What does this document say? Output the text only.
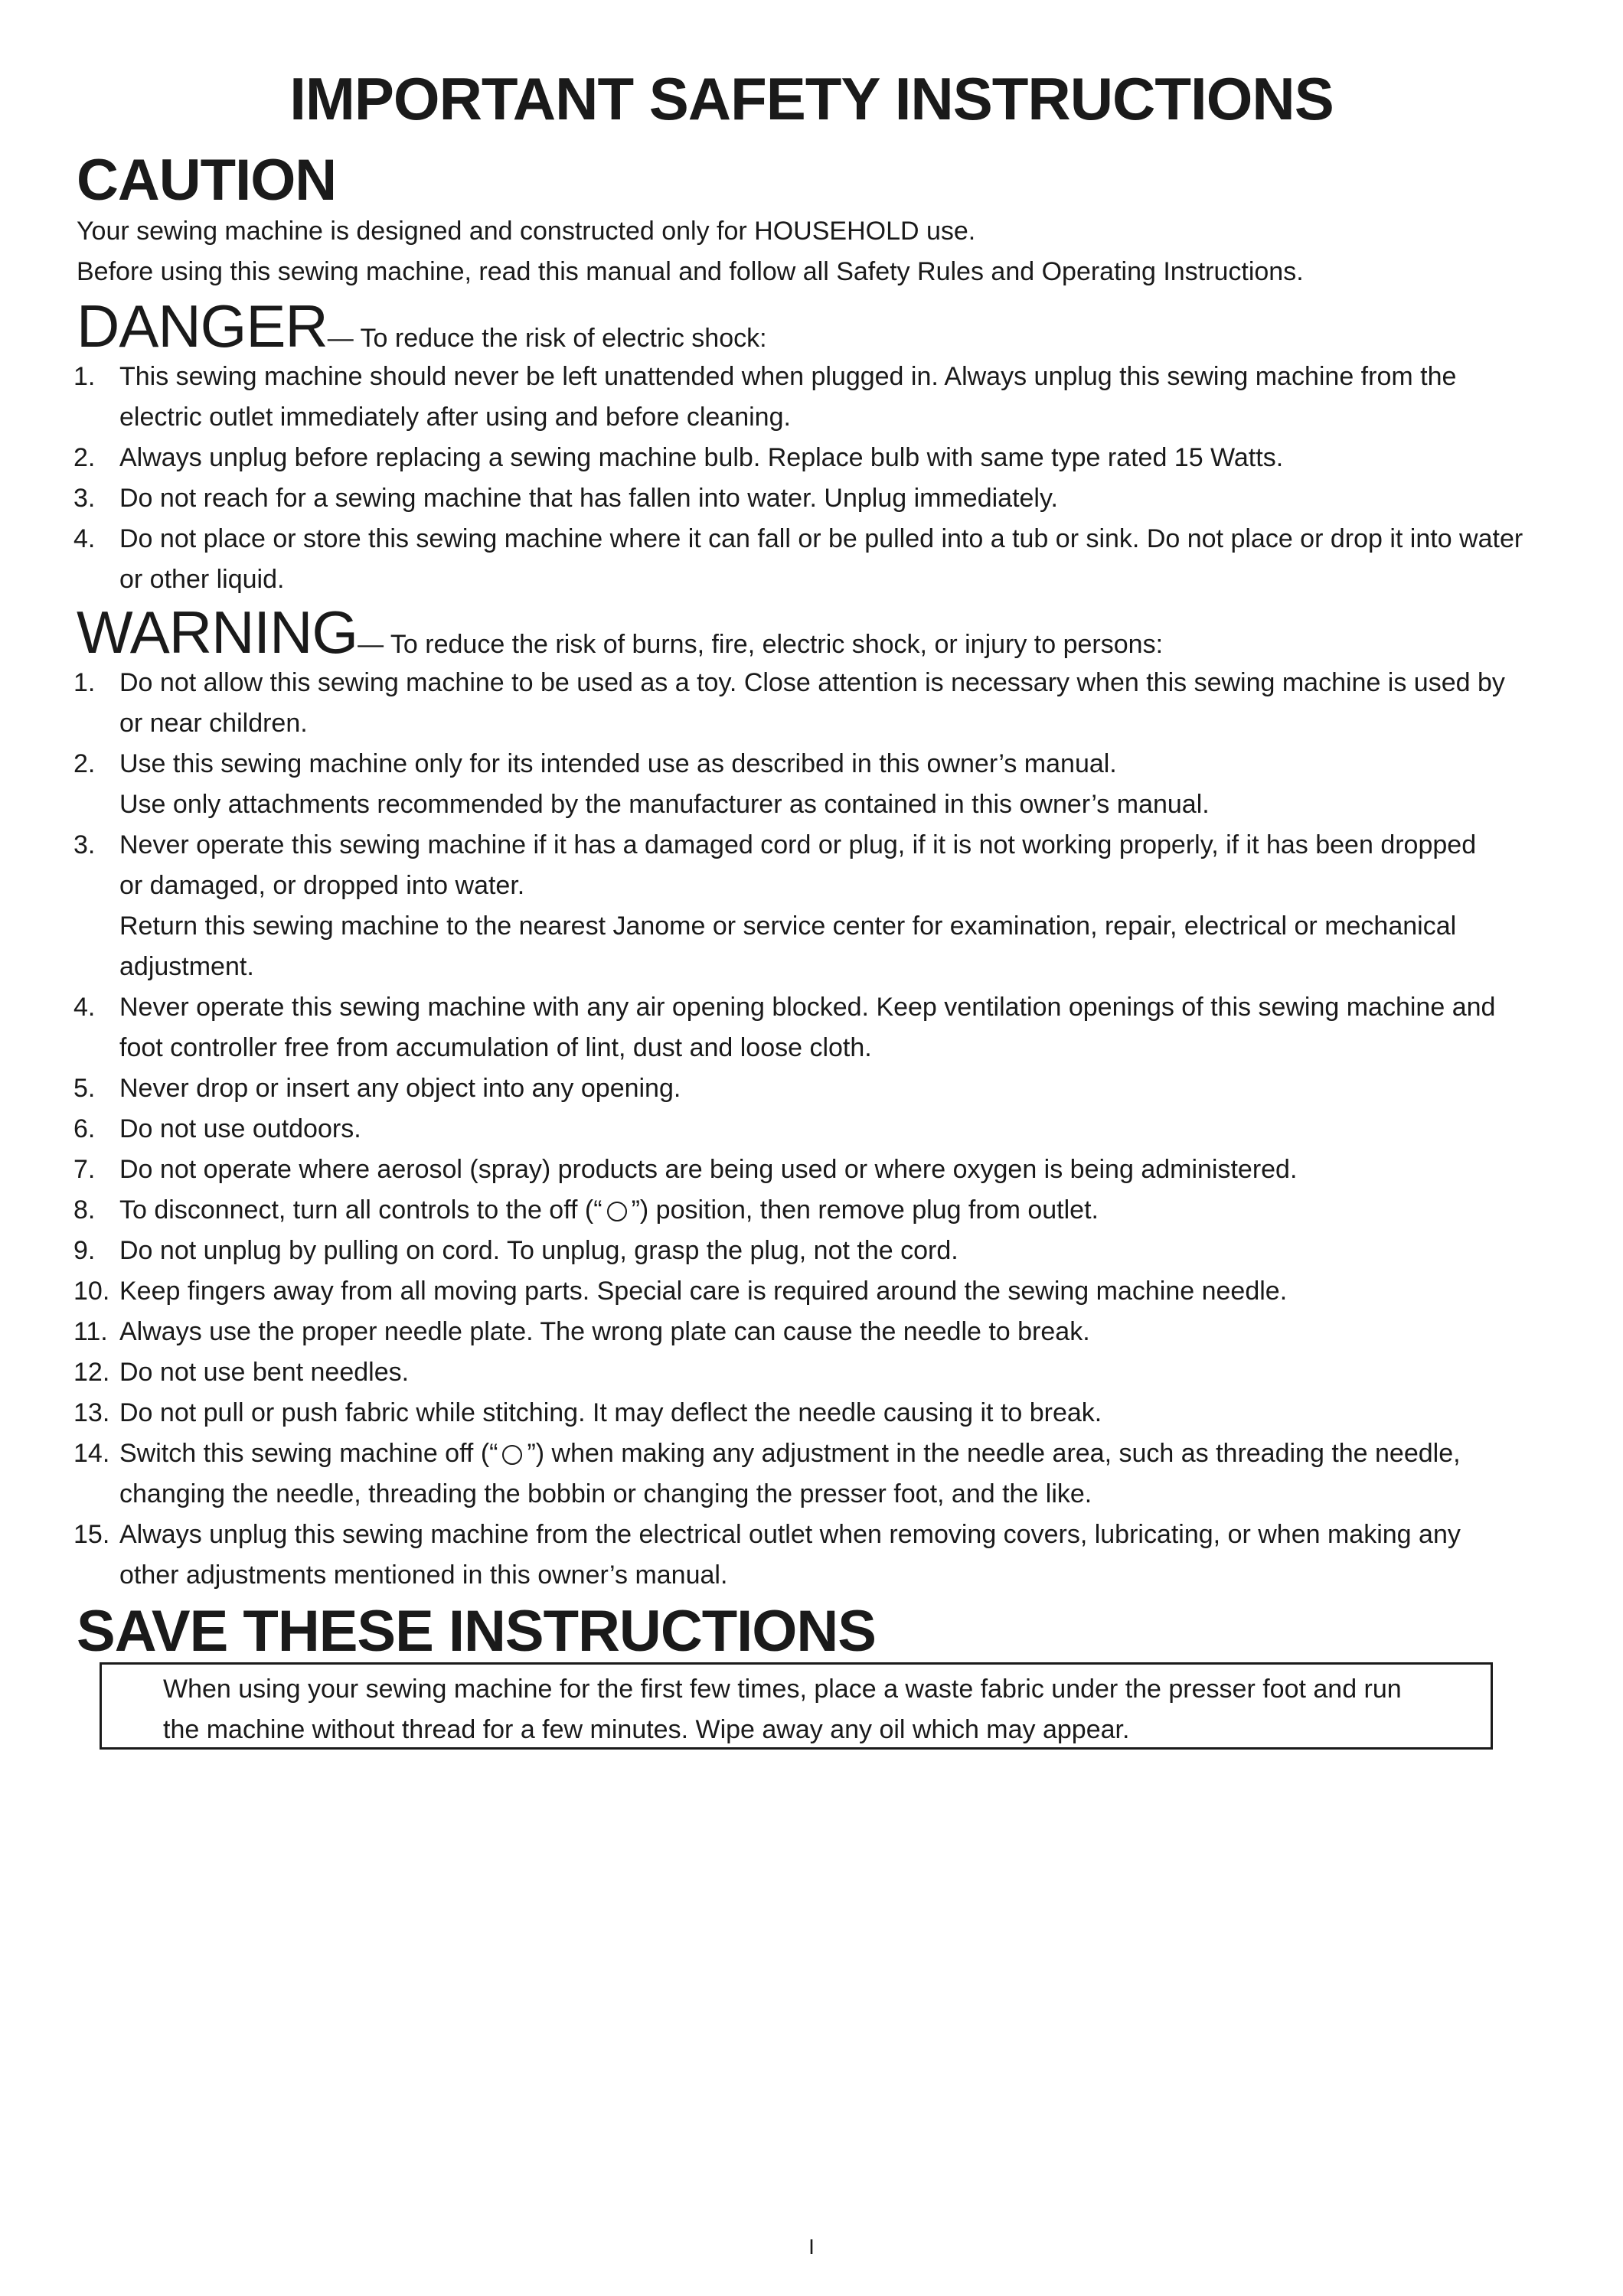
IMPORTANT SAFETY INSTRUCTIONS
CAUTION
Your sewing machine is designed and constructed only for HOUSEHOLD use.
Before using this sewing machine, read this manual and follow all Safety Rules and Operating Instructions.
DANGER— To reduce the risk of electric shock:
1. This sewing machine should never be left unattended when plugged in. Always unplug this sewing machine from the
electric outlet immediately after using and before cleaning.
2. Always unplug before replacing a sewing machine bulb. Replace bulb with same type rated 15 Watts.
3. Do not reach for a sewing machine that has fallen into water. Unplug immediately.
4. Do not place or store this sewing machine where it can fall or be pulled into a tub or sink. Do not place or drop it into water
or other liquid.
WARNING— To reduce the risk of burns, fire, electric shock, or injury to persons:
1. Do not allow this sewing machine to be used as a toy. Close attention is necessary when this sewing machine is used by
or near children.
2. Use this sewing machine only for its intended use as described in this owner’s manual.
Use only attachments recommended by the manufacturer as contained in this owner’s manual.
3. Never operate this sewing machine if it has a damaged cord or plug, if it is not working properly, if it has been dropped
or damaged, or dropped into water.
Return this sewing machine to the nearest Janome or service center for examination, repair, electrical or mechanical
adjustment.
4. Never operate this sewing machine with any air opening blocked. Keep ventilation openings of this sewing machine and
foot controller free from accumulation of lint, dust and loose cloth.
5. Never drop or insert any object into any opening.
6. Do not use outdoors.
7. Do not operate where aerosol (spray) products are being used or where oxygen is being administered.
8. To disconnect, turn all controls to the off (“ ”) position, then remove plug from outlet.
9. Do not unplug by pulling on cord. To unplug, grasp the plug, not the cord.
10. Keep fingers away from all moving parts. Special care is required around the sewing machine needle.
11. Always use the proper needle plate. The wrong plate can cause the needle to break.
12. Do not use bent needles.
13. Do not pull or push fabric while stitching. It may deflect the needle causing it to break.
14. Switch this sewing machine off (“ ”) when making any adjustment in the needle area, such as threading the needle,
changing the needle, threading the bobbin or changing the presser foot, and the like.
15. Always unplug this sewing machine from the electrical outlet when removing covers, lubricating, or when making any
other adjustments mentioned in this owner’s manual.
SAVE THESE INSTRUCTIONS
When using your sewing machine for the first few times, place a waste fabric under the presser foot and run
the machine without thread for a few minutes. Wipe away any oil which may appear.
I
